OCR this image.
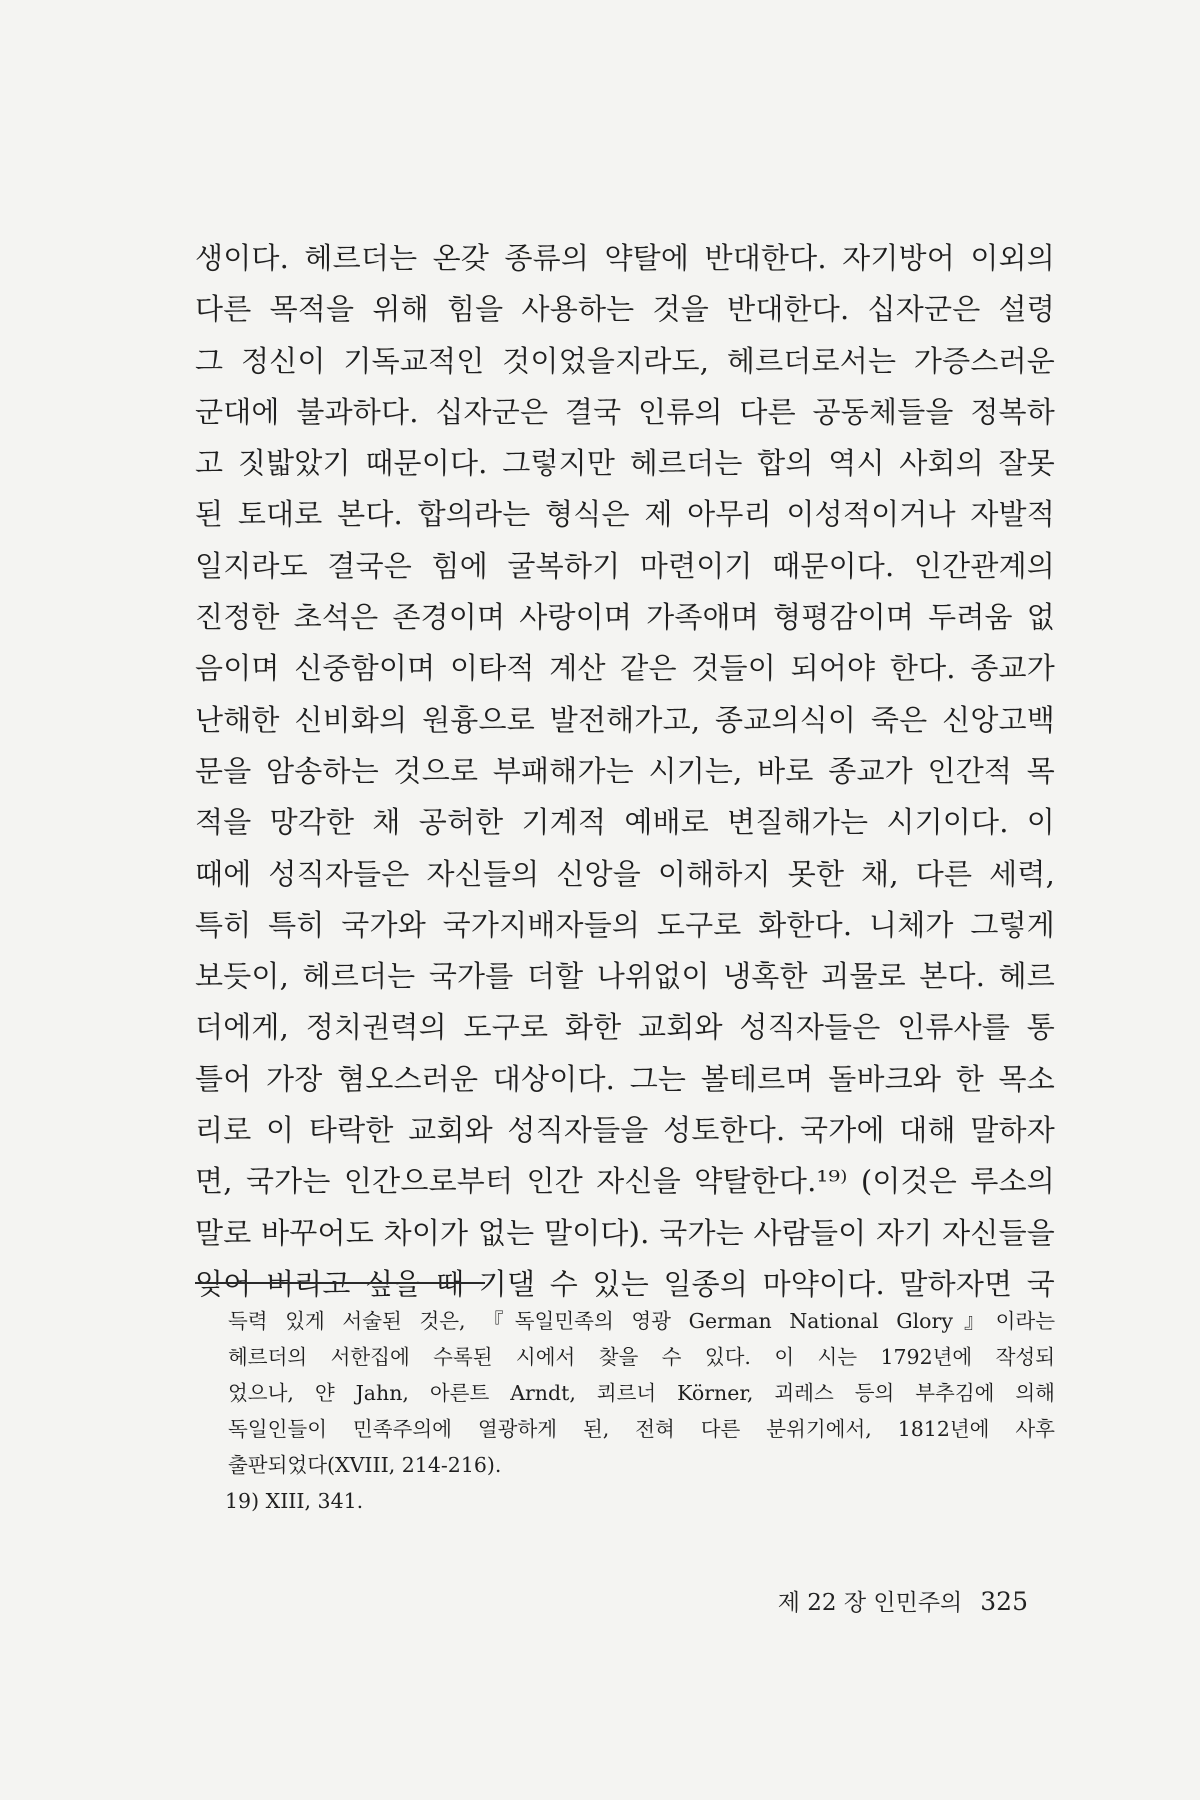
생이다. 헤르더는 온갖 종류의 약탈에 반대한다. 자기방어 이외의
다른 목적을 위해 힘을 사용하는 것을 반대한다. 십자군은 설령
그 정신이 기독교적인 것이었을지라도, 헤르더로서는 가증스러운
군대에 불과하다. 십자군은 결국 인류의 다른 공동체들을 정복하
고 짓밟았기 때문이다. 그렇지만 헤르더는 합의 역시 사회의 잘못
된 토대로 본다. 합의라는 형식은 제 아무리 이성적이거나 자발적
일지라도 결국은 힘에 굴복하기 마련이기 때문이다. 인간관계의
진정한 초석은 존경이며 사랑이며 가족애며 형평감이며 두려움 없
음이며 신중함이며 이타적 계산 같은 것들이 되어야 한다. 종교가
난해한 신비화의 원흉으로 발전해가고, 종교의식이 죽은 신앙고백
문을 암송하는 것으로 부패해가는 시기는, 바로 종교가 인간적 목
적을 망각한 채 공허한 기계적 예배로 변질해가는 시기이다. 이
때에 성직자들은 자신들의 신앙을 이해하지 못한 채, 다른 세력,
특히 특히 국가와 국가지배자들의 도구로 화한다. 니체가 그렇게
보듯이, 헤르더는 국가를 더할 나위없이 냉혹한 괴물로 본다. 헤르
더에게, 정치권력의 도구로 화한 교회와 성직자들은 인류사를 통
틀어 가장 혐오스러운 대상이다. 그는 볼테르며 돌바크와 한 목소
리로 이 타락한 교회와 성직자들을 성토한다. 국가에 대해 말하자
면, 국가는 인간으로부터 인간 자신을 약탈한다.¹⁹⁾ (이것은 루소의
말로 바꾸어도 차이가 없는 말이다). 국가는 사람들이 자기 자신들을
잊어 버리고 싶을 때 기댈 수 있는 일종의 마약이다. 말하자면 국
득력 있게 서술된 것은, 『독일민족의 영광 German National Glory』이라는
헤르더의 서한집에 수록된 시에서 찾을 수 있다. 이 시는 1792년에 작성되
었으나, 얀 Jahn, 아른트 Arndt, 쾨르너 Körner, 괴레스 등의 부추김에 의해
독일인들이 민족주의에 열광하게 된, 전혀 다른 분위기에서, 1812년에 사후
출판되었다(XVIII, 214-216).
19) XIII, 341.
제 22 장 인민주의 325
